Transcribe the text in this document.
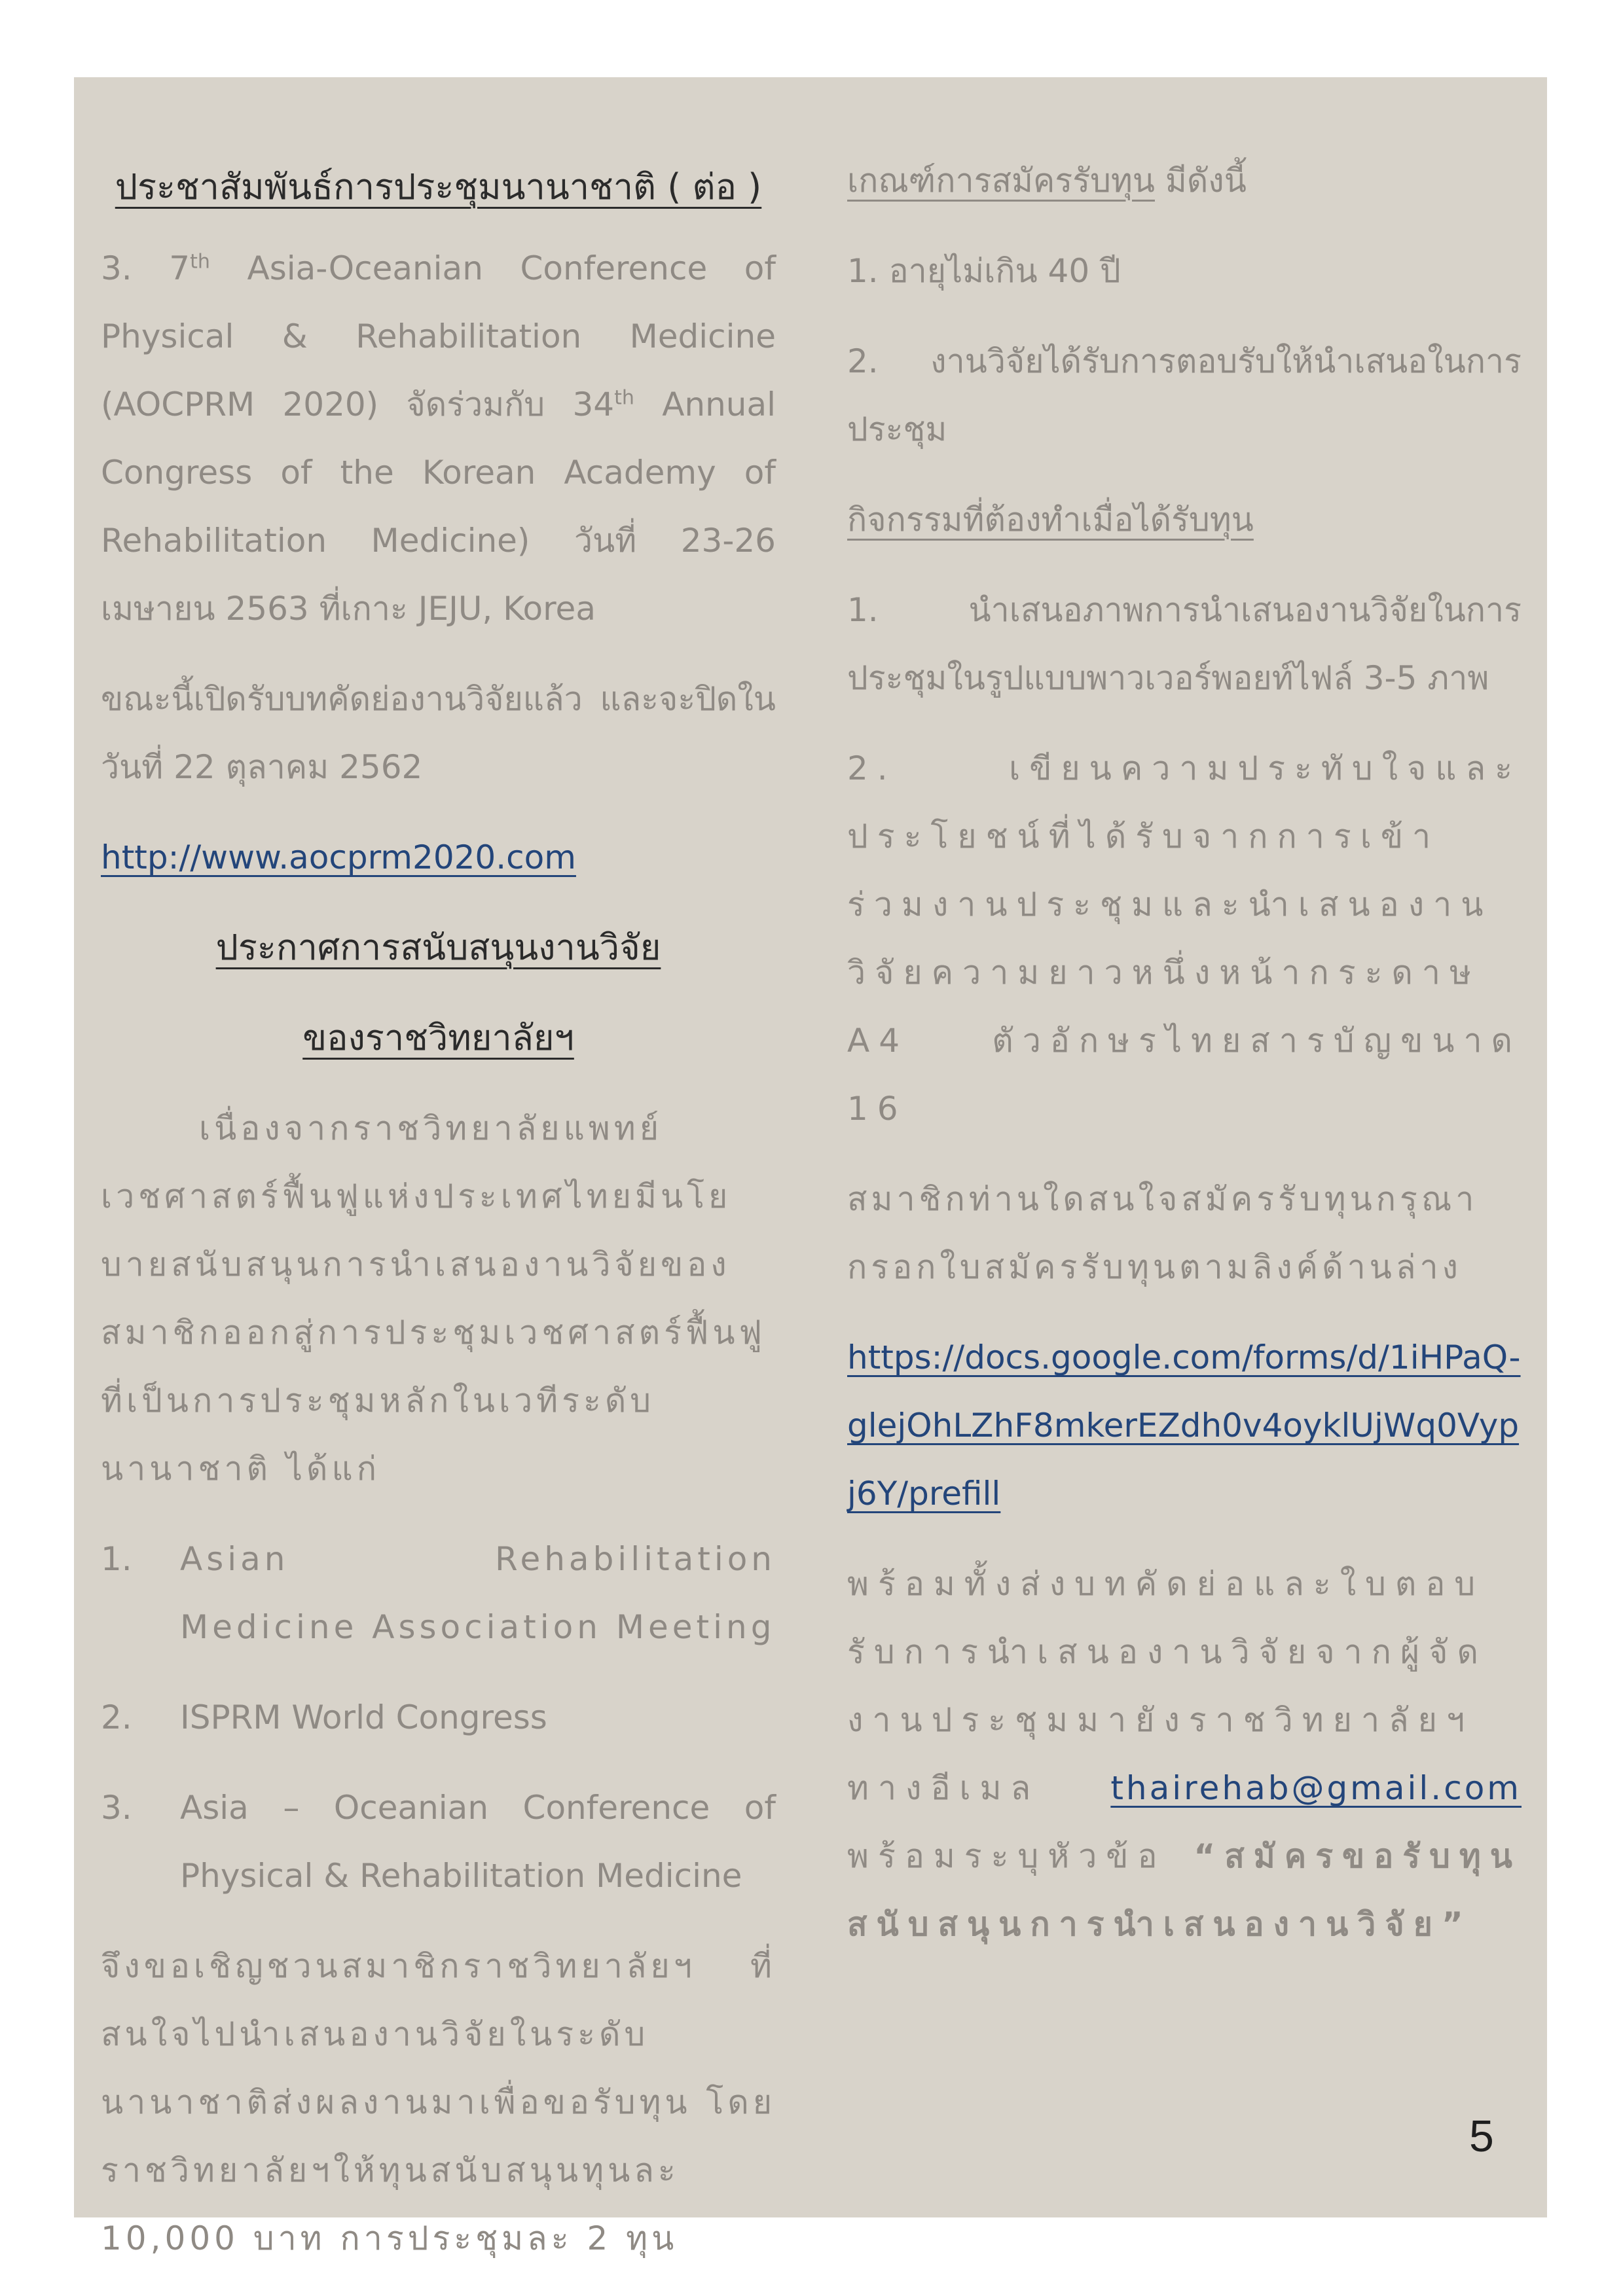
ประชาสัมพันธ์การประชุมนานาชาติ ( ต่อ )

3. 7th Asia-Oceanian Conference of Physical & Rehabilitation Medicine (AOCPRM 2020) จัดร่วมกับ 34th Annual Congress of the Korean Academy of Rehabilitation Medicine) วันที่ 23-26 เมษายน 2563 ที่เกาะ JEJU, Korea

ขณะนี้เปิดรับบทคัดย่องานวิจัยแล้ว และจะปิดในวันที่ 22 ตุลาคม 2562

http://www.aocprm2020.com

ประกาศการสนับสนุนงานวิจัย
ของราชวิทยาลัยฯ

เนื่องจากราชวิทยาลัยแพทย์เวชศาสตร์ฟื้นฟูแห่งประเทศไทยมีนโยบายสนับสนุนการนำเสนองานวิจัยของสมาชิกออกสู่การประชุมเวชศาสตร์ฟื้นฟูที่เป็นการประชุมหลักในเวทีระดับนานาชาติ ได้แก่

1. Asian Rehabilitation Medicine Association Meeting
2. ISPRM World Congress
3. Asia – Oceanian Conference of Physical & Rehabilitation Medicine

จึงขอเชิญชวนสมาชิกราชวิทยาลัยฯ ที่สนใจไปนำเสนองานวิจัยในระดับนานาชาติส่งผลงานมาเพื่อขอรับทุน โดยราชวิทยาลัยฯให้ทุนสนับสนุนทุนละ 10,000 บาท การประชุมละ 2 ทุน

เกณฑ์การสมัครรับทุน มีดังนี้

1. อายุไม่เกิน 40 ปี

2. งานวิจัยได้รับการตอบรับให้นำเสนอในการประชุม

กิจกรรมที่ต้องทำเมื่อได้รับทุน

1. นำเสนอภาพการนำเสนองานวิจัยในการประชุมในรูปแบบพาวเวอร์พอยท์ไฟล์ 3-5 ภาพ

2. เขียนความประทับใจและประโยชน์ที่ได้รับจากการเข้าร่วมงานประชุมและนำเสนองานวิจัยความยาวหนึ่งหน้ากระดาษ A4 ตัวอักษรไทยสารบัญขนาด 16

สมาชิกท่านใดสนใจสมัครรับทุนกรุณากรอกใบสมัครรับทุนตามลิงค์ด้านล่าง

https://docs.google.com/forms/d/1iHPaQ-glejOhLZhF8mkerEZdh0v4oyklUjWq0Vypj6Y/prefill

พร้อมทั้งส่งบทคัดย่อและใบตอบรับการนำเสนองานวิจัยจากผู้จัดงานประชุมมายังราชวิทยาลัยฯ ทางอีเมล thairehab@gmail.com พร้อมระบุหัวข้อ “สมัครขอรับทุนสนับสนุนการนำเสนองานวิจัย”

5
